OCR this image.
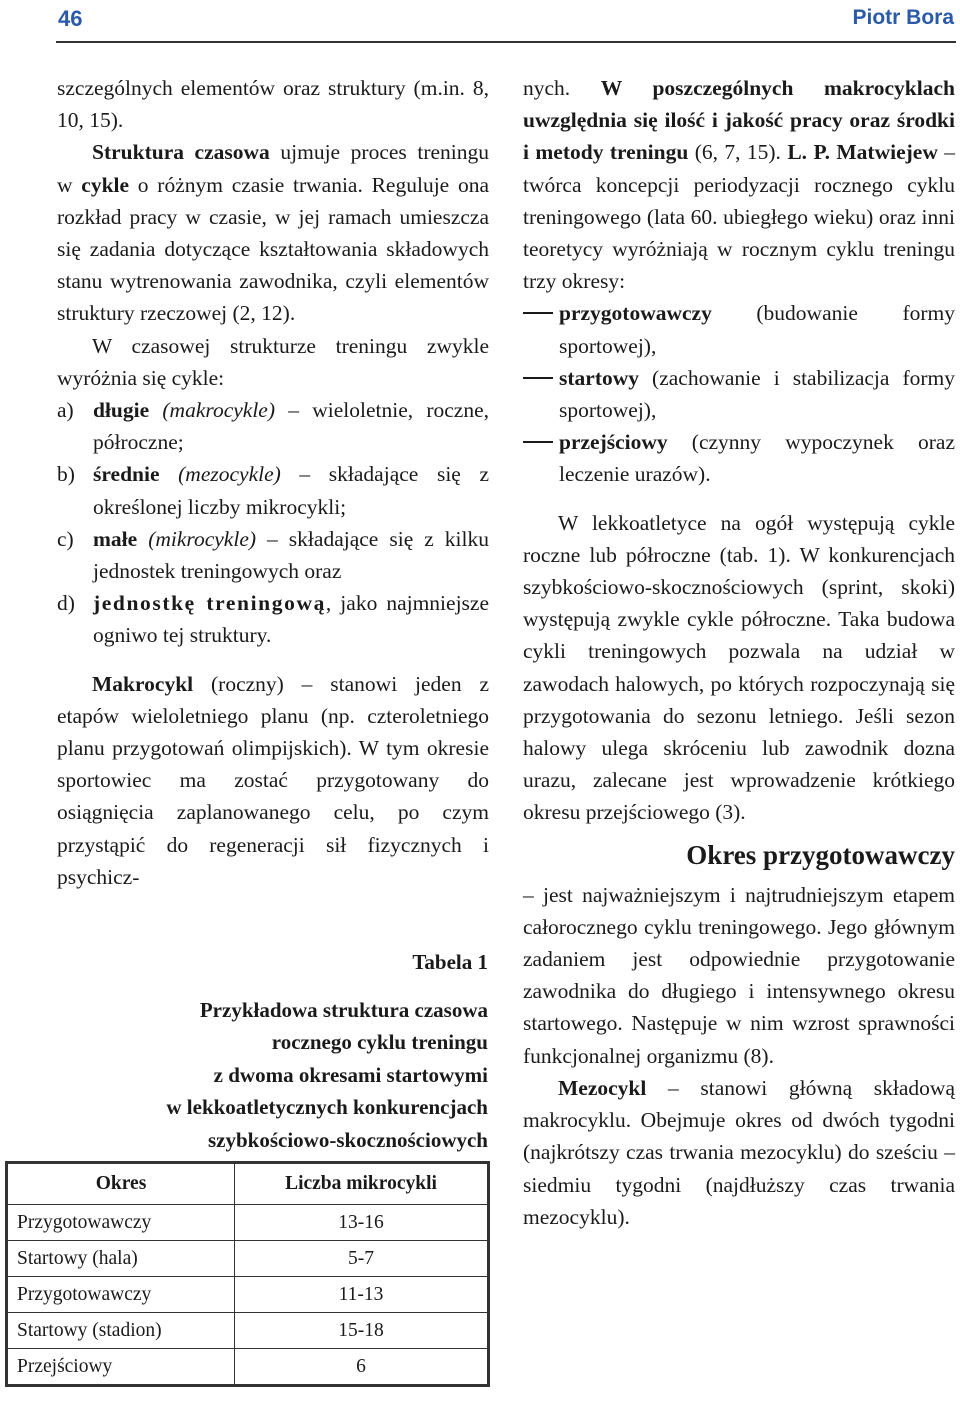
46	Piotr Bora

szczególnych elementów oraz struktury (m.in. 8, 10, 15).

Struktura czasowa ujmuje proces treningu w cykle o różnym czasie trwania. Reguluje ona rozkład pracy w czasie, w jej ramach umieszcza się zadania dotyczące kształtowania składowych stanu wytrenowania zawodnika, czyli elementów struktury rzeczowej (2, 12).

W czasowej strukturze treningu zwykle wyróżnia się cykle:

a) długie (makrocykle) – wieloletnie, roczne, półroczne;
b) średnie (mezocykle) – składające się z określonej liczby mikrocykli;
c) małe (mikrocykle) – składające się z kilku jednostek treningowych oraz
d) jednostkę treningową, jako najmniejsze ogniwo tej struktury.

Makrocykl (roczny) – stanowi jeden z etapów wieloletniego planu (np. czteroletniego planu przygotowań olimpijskich). W tym okresie sportowiec ma zostać przygotowany do osiągnięcia zaplanowanego celu, po czym przystąpić do regeneracji sił fizycznych i psychicz-

Tabela 1
Przykładowa struktura czasowa
rocznego cyklu treningu
z dwoma okresami startowymi
w lekkoatletycznych konkurencjach
szybkościowo-skocznościowych
Okres	Liczba mikrocykli
Przygotowawczy	13-16
Startowy (hala)	5-7
Przygotowawczy	11-13
Startowy (stadion)	15-18
Przejściowy	6

nych. W poszczególnych makrocyklach uwzględnia się ilość i jakość pracy oraz środki i metody treningu (6, 7, 15). L. P. Matwiejew – twórca koncepcji periodyzacji rocznego cyklu treningowego (lata 60. ubiegłego wieku) oraz inni teoretycy wyróżniają w rocznym cyklu treningu trzy okresy:

przygotowawczy (budowanie formy sportowej),
startowy (zachowanie i stabilizacja formy sportowej),
przejściowy (czynny wypoczynek oraz leczenie urazów).

W lekkoatletyce na ogół występują cykle roczne lub półroczne (tab. 1). W konkurencjach szybkościowo-skocznościowych (sprint, skoki) występują zwykle cykle półroczne. Taka budowa cykli treningowych pozwala na udział w zawodach halowych, po których rozpoczynają się przygotowania do sezonu letniego. Jeśli sezon halowy ulega skróceniu lub zawodnik dozna urazu, zalecane jest wprowadzenie krótkiego okresu przejściowego (3).

Okres przygotowawczy

– jest najważniejszym i najtrudniejszym etapem całorocznego cyklu treningowego. Jego głównym zadaniem jest odpowiednie przygotowanie zawodnika do długiego i intensywnego okresu startowego. Następuje w nim wzrost sprawności funkcjonalnej organizmu (8).

Mezocykl – stanowi główną składową makrocyklu. Obejmuje okres od dwóch tygodni (najkrótszy czas trwania mezocyklu) do sześciu – siedmiu tygodni (najdłuższy czas trwania mezocyklu).
